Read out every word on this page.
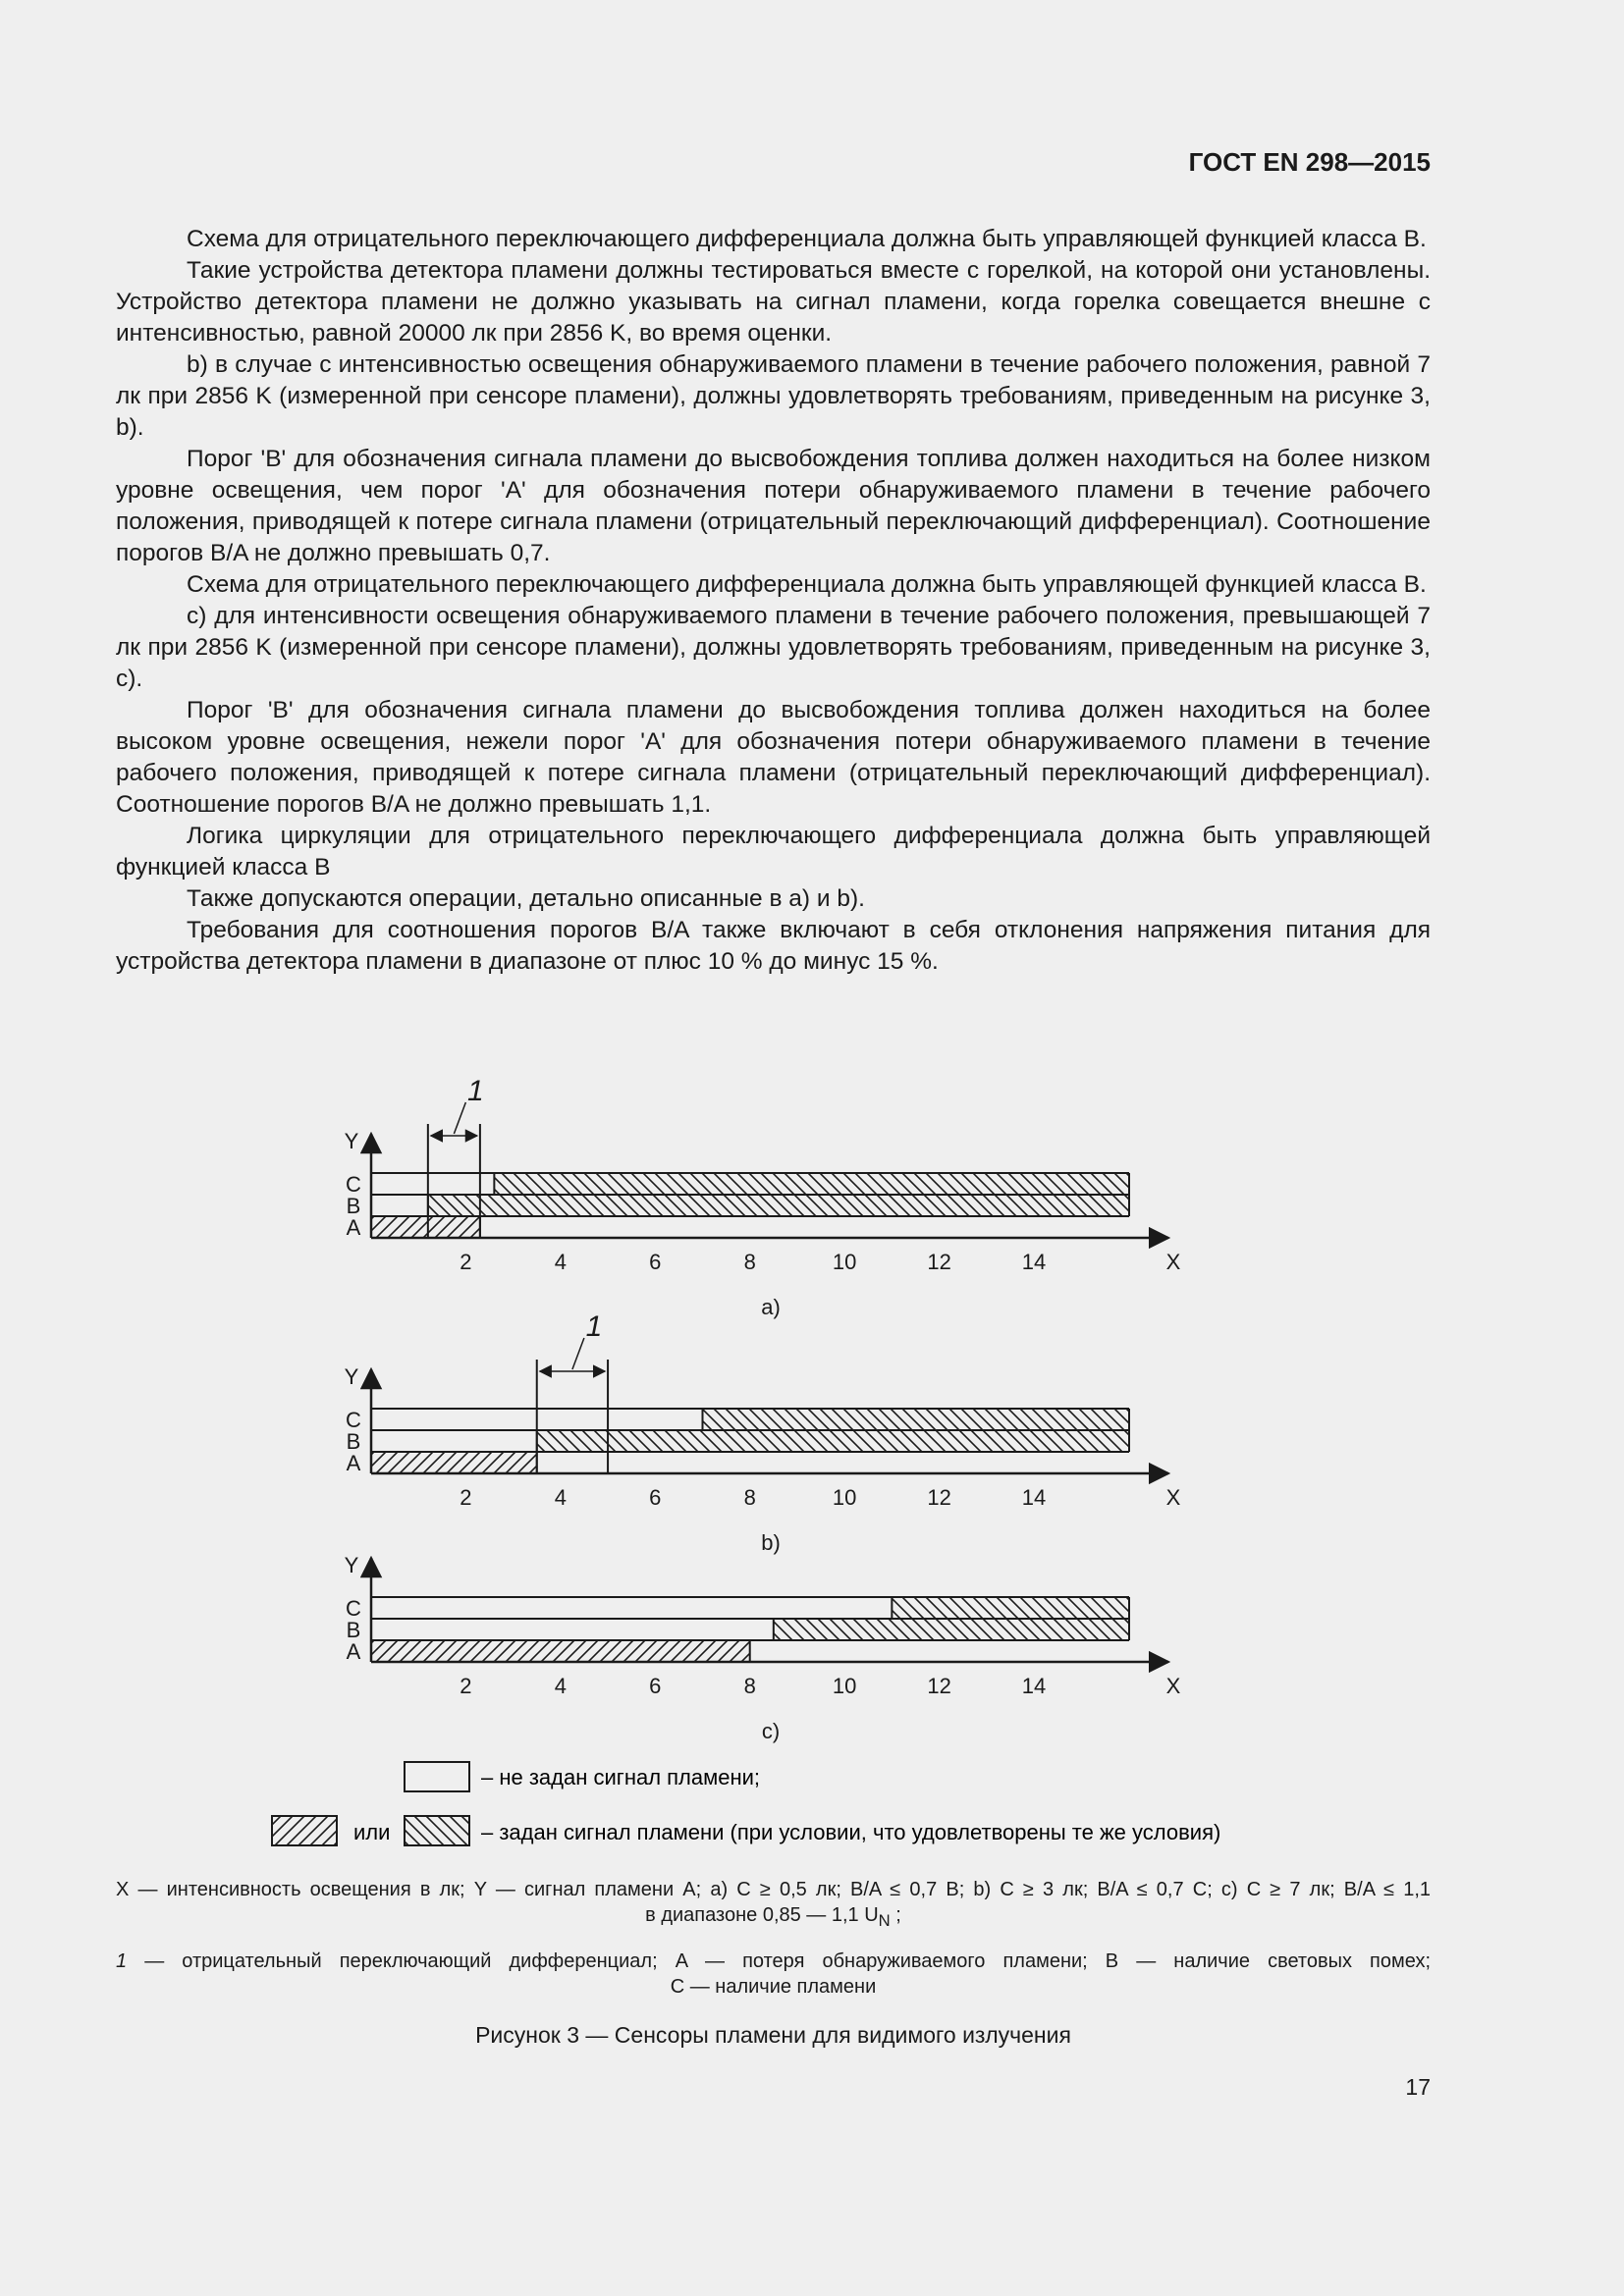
ГОСТ EN 298—2015

Схема для отрицательного переключающего дифференциала должна быть управляющей функцией класса B.

Такие устройства детектора пламени должны тестироваться вместе с горелкой, на которой они установлены. Устройство детектора пламени не должно указывать на сигнал пламени, когда горелка совещается внешне с интенсивностью, равной 20000 лк при 2856 K, во время оценки.

b) в случае с интенсивностью освещения обнаруживаемого пламени в течение рабочего положения, равной 7 лк при 2856 K (измеренной при сенсоре пламени), должны удовлетворять требованиям, приведенным на рисунке 3, b).

Порог 'B' для обозначения сигнала пламени до высвобождения топлива должен находиться на более низком уровне освещения, чем порог 'A' для обозначения потери обнаруживаемого пламени в течение рабочего положения, приводящей к потере сигнала пламени (отрицательный переключающий дифференциал). Соотношение порогов B/A не должно превышать 0,7.

Схема для отрицательного переключающего дифференциала должна быть управляющей функцией класса B.

c) для интенсивности освещения обнаруживаемого пламени в течение рабочего положения, превышающей 7 лк при 2856 K (измеренной при сенсоре пламени), должны удовлетворять требованиям, приведенным на рисунке 3, c).

Порог 'B' для обозначения сигнала пламени до высвобождения топлива должен находиться на более высоком уровне освещения, нежели порог 'A' для обозначения потери обнаруживаемого пламени в течение рабочего положения, приводящей к потере сигнала пламени (отрицательный переключающий дифференциал). Соотношение порогов B/A не должно превышать 1,1.

Логика циркуляции для отрицательного переключающего дифференциала должна быть управляющей функцией класса B

Также допускаются операции, детально описанные в a) и b).

Требования для соотношения порогов B/A также включают в себя отклонения напряжения питания для устройства детектора пламени в диапазоне от плюс 10 % до минус 15 %.

Y
X
C
B
A
2	4	6	8	10	12	14
a)
1
Y
X
C
B
A
2	4	6	8	10	12	14
b)
1
Y
X
C
B
A
2	4	6	8	10	12	14
c)
– не задан сигнал пламени;
или	– задан сигнал пламени (при условии, что удовлетворены те же условия)
X — интенсивность освещения в лк; Y — сигнал пламени A; a) C ≥ 0,5 лк; B/A ≤ 0,7 B; b) C ≥ 3 лк; B/A ≤ 0,7 C; c) C ≥ 7 лк; B/A ≤ 1,1
в диапазоне 0,85 — 1,1 $U_N$ ;
1 — отрицательный переключающий дифференциал; A — потеря обнаруживаемого пламени; B — наличие световых помех;
C — наличие пламени
Рисунок 3 — Сенсоры пламени для видимого излучения
17
